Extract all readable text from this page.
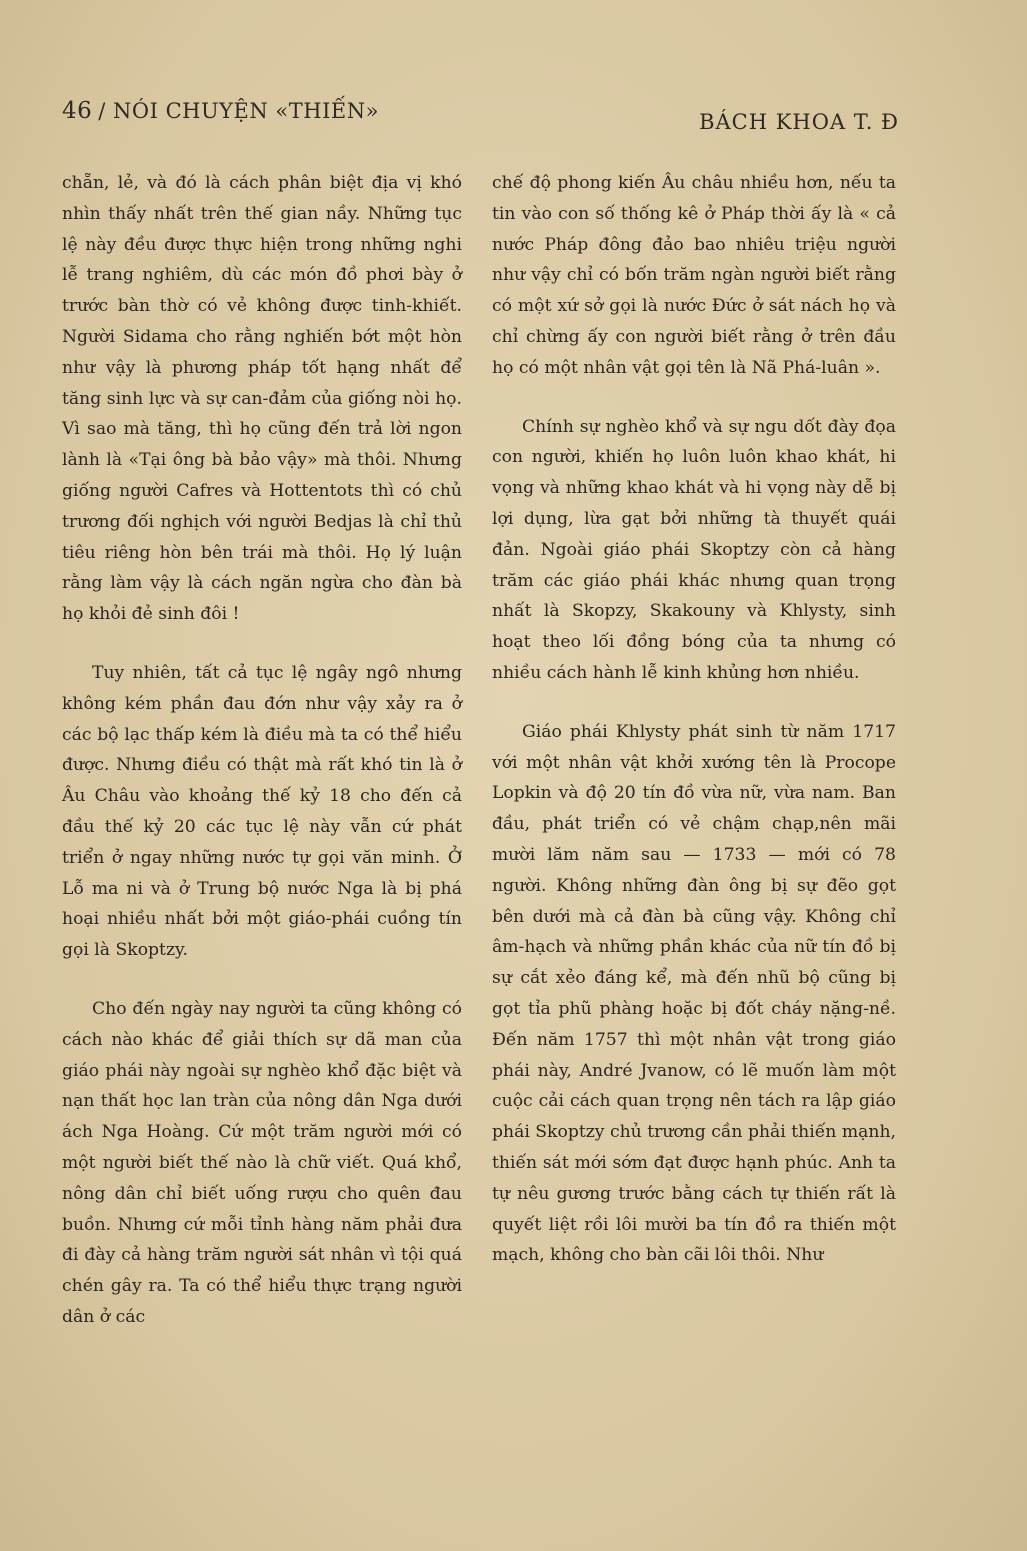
46 / NÓI CHUYỆN «THIẾN»	BÁCH KHOA T. Đ

chẵn, lẻ, và đó là cách phân biệt địa vị khó nhìn thấy nhất trên thế gian nầy. Những tục lệ này đều được thực hiện trong những nghi lễ trang nghiêm, dù các món đồ phơi bày ở trước bàn thờ có vẻ không được tinh-khiết. Người Sidama cho rằng nghiến bớt một hòn như vậy là phương pháp tốt hạng nhất để tăng sinh lực và sự can-đảm của giống nòi họ. Vì sao mà tăng, thì họ cũng đến trả lời ngon lành là «Tại ông bà bảo vậy» mà thôi. Nhưng giống người Cafres và Hottentots thì có chủ trương đối nghịch với người Bedjas là chỉ thủ tiêu riêng hòn bên trái mà thôi. Họ lý luận rằng làm vậy là cách ngăn ngừa cho đàn bà họ khỏi đẻ sinh đôi !

Tuy nhiên, tất cả tục lệ ngây ngô nhưng không kém phần đau đớn như vậy xảy ra ở các bộ lạc thấp kém là điều mà ta có thể hiểu được. Nhưng điều có thật mà rất khó tin là ở Âu Châu vào khoảng thế kỷ 18 cho đến cả đầu thế kỷ 20 các tục lệ này vẫn cứ phát triển ở ngay những nước tự gọi văn minh. Ở Lỗ ma ni và ở Trung bộ nước Nga là bị phá hoại nhiều nhất bởi một giáo-phái cuồng tín gọi là Skoptzy.

Cho đến ngày nay người ta cũng không có cách nào khác để giải thích sự dã man của giáo phái này ngoài sự nghèo khổ đặc biệt và nạn thất học lan tràn của nông dân Nga dưới ách Nga Hoàng. Cứ một trăm người mới có một người biết thế nào là chữ viết. Quá khổ, nông dân chỉ biết uống rượu cho quên đau buồn. Nhưng cứ mỗi tỉnh hàng năm phải đưa đi đày cả hàng trăm người sát nhân vì tội quá chén gây ra. Ta có thể hiểu thực trạng người dân ở các

chế độ phong kiến Âu châu nhiều hơn, nếu ta tin vào con số thống kê ở Pháp thời ấy là « cả nước Pháp đông đảo bao nhiêu triệu người như vậy chỉ có bốn trăm ngàn người biết rằng có một xứ sở gọi là nước Đức ở sát nách họ và chỉ chừng ấy con người biết rằng ở trên đầu họ có một nhân vật gọi tên là Nã Phá-luân ».

Chính sự nghèo khổ và sự ngu dốt đày đọa con người, khiến họ luôn luôn khao khát, hi vọng và những khao khát và hi vọng này dễ bị lợi dụng, lừa gạt bởi những tà thuyết quái đản. Ngoài giáo phái Skoptzy còn cả hàng trăm các giáo phái khác nhưng quan trọng nhất là Skopzy, Skakouny và Khlysty, sinh hoạt theo lối đồng bóng của ta nhưng có nhiều cách hành lễ kinh khủng hơn nhiều.

Giáo phái Khlysty phát sinh từ năm 1717 với một nhân vật khởi xướng tên là Procope Lopkin và độ 20 tín đồ vừa nữ, vừa nam. Ban đầu, phát triển có vẻ chậm chạp,nên mãi mười lăm năm sau — 1733 — mới có 78 người. Không những đàn ông bị sự đẽo gọt bên dưới mà cả đàn bà cũng vậy. Không chỉ âm-hạch và những phần khác của nữ tín đồ bị sự cắt xẻo đáng kể, mà đến nhũ bộ cũng bị gọt tỉa phũ phàng hoặc bị đốt cháy nặng-nề. Đến năm 1757 thì một nhân vật trong giáo phái này, André Jvanow, có lẽ muốn làm một cuộc cải cách quan trọng nên tách ra lập giáo phái Skoptzy chủ trương cần phải thiến mạnh, thiến sát mới sớm đạt được hạnh phúc. Anh ta tự nêu gương trước bằng cách tự thiến rất là quyết liệt rồi lôi mười ba tín đồ ra thiến một mạch, không cho bàn cãi lôi thôi. Như
